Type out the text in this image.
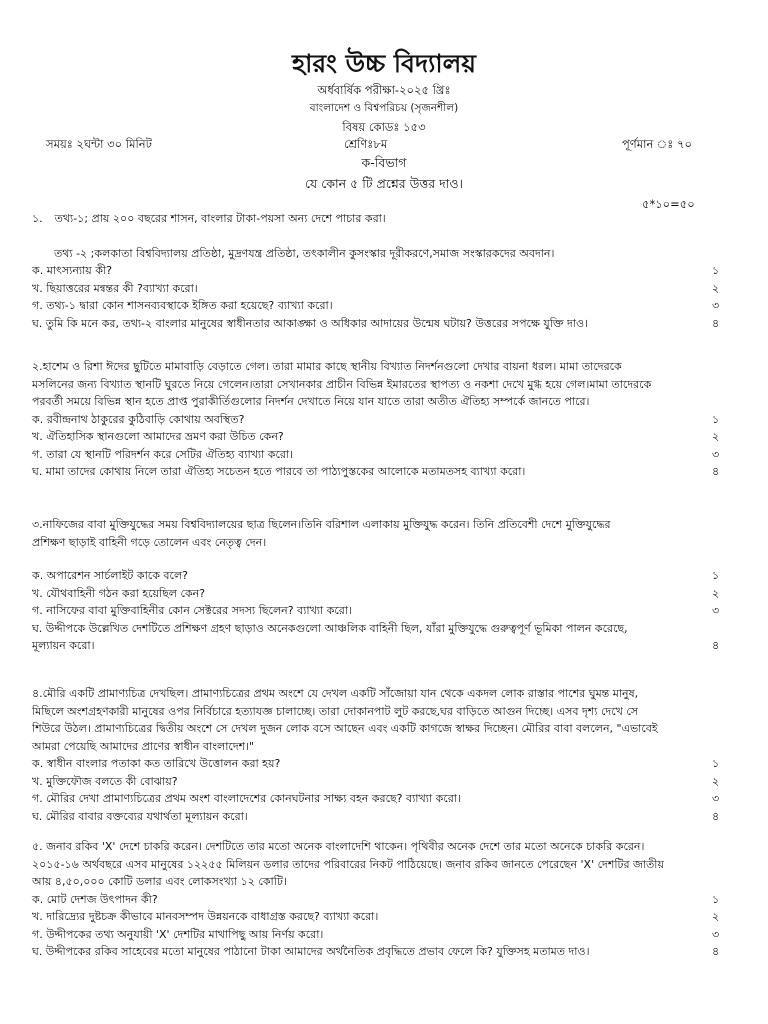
হারং উচ্চ বিদ্যালয়
অর্ধবার্ষিক পরীক্ষা-২০২৫ খ্রিঃ
বাংলাদেশ ও বিশ্বপরিচয় (সৃজনশীল)
বিষয় কোডঃ ১৫৩
সময়ঃ ২ঘন্টা ৩০ মিনিট	শ্রেণিঃ৮ম	পূর্ণমান ঃ ৭০
ক-বিভাগ
যে কোন ৫ টি প্রশ্নের উত্তর দাও।
৫*১০=৫০

১. তথ্য-১; প্রায় ২০০ বছরের শাসন, বাংলার টাকা-পয়সা অন্য দেশে পাচার করা।

তথ্য -২ ;কলকাতা বিশ্ববিদ্যালয় প্রতিষ্ঠা, মুদ্রণযন্ত্র প্রতিষ্ঠা, তৎকালীন কুসংস্কার দূরীকরণে,সমাজ সংস্কারকদের অবদান।

ক. মাৎস্যন্যায় কী?	১
খ. ছিয়াত্তরের মন্বন্তর কী ?ব্যাখ্যা করো।	২
গ. তথ্য-১ দ্বারা কোন শাসনব্যবস্থাকে ইঙ্গিত করা হয়েছে? ব্যাখ্যা করো।	৩
ঘ. তুমি কি মনে কর, তথ্য-২ বাংলার মানুষের স্বাধীনতার আকাঙ্ক্ষা ও অধিকার আদায়ের উন্মেষ ঘটায়? উত্তরের সপক্ষে যুক্তি দাও।	৪

২.হাশেম ও রিশা ঈদের ছুটিতে মামাবাড়ি বেড়াতে গেল। তারা মামার কাছে স্থানীয় বিখ্যাত নিদর্শনগুলো দেখার বায়না ধরল। মামা তাদেরকে

মসলিনের জন্য বিখ্যাত স্থানটি ঘুরতে নিয়ে গেলেন।তারা সেখানকার প্রাচীন বিভিন্ন ইমারতের স্থাপত্য ও নকশা দেখে মুগ্ধ হয়ে গেল।মামা তাদেরকে

পরবর্তী সময়ে বিভিন্ন স্থান হতে প্রাপ্ত পুরাকীর্তিগুলোর নিদর্শন দেখাতে নিয়ে যান যাতে তারা অতীত ঐতিহ্য সম্পর্কে জানতে পারে।

ক. রবীন্দ্রনাথ ঠাকুরের কুঠিবাড়ি কোথায় অবস্থিত?	১
খ. ঐতিহাসিক স্থানগুলো আমাদের ভ্রমণ করা উচিত কেন?	২
গ. তারা যে স্থানটি পরিদর্শন করে সেটির ঐতিহ্য ব্যাখ্যা করো।	৩
ঘ. মামা তাদের কোথায় নিলে তারা ঐতিহ্য সচেতন হতে পারবে তা পাঠ্যপুস্তকের আলোকে মতামতসহ ব্যাখ্যা করো।	৪

৩.নাফিজের বাবা মুক্তিযুদ্ধের সময় বিশ্ববিদ্যালয়ের ছাত্র ছিলেন।তিনি বরিশাল এলাকায় মুক্তিযুদ্ধ করেন। তিনি প্রতিবেশী দেশে মুক্তিযুদ্ধের

প্রশিক্ষণ ছাড়াই বাহিনী গড়ে তোলেন এবং নেতৃত্ব দেন।

ক. অপারেশন সার্চলাইট কাকে বলে?	১
খ. যৌথবাহিনী গঠন করা হয়েছিল কেন?	২
গ. নাসিফের বাবা মুক্তিবাহিনীর কোন সেক্টরের সদস্য ছিলেন? ব্যাখ্যা করো।	৩

ঘ. উদ্দীপকে উল্লেখিত দেশটিতে প্রশিক্ষণ গ্রহণ ছাড়াও অনেকগুলো আঞ্চলিক বাহিনী ছিল, যাঁরা মুক্তিযুদ্ধে গুরুত্বপূর্ণ ভূমিকা পালন করেছে,

মূল্যায়ন করো।	৪

৪.মৌরি একটি প্রামাণ্যচিত্র দেখছিল। প্রামাণ্যচিত্রের প্রথম অংশে যে দেখল একটি সাঁজোয়া যান থেকে একদল লোক রাস্তার পাশের ঘুমন্ত মানুষ,

মিছিলে অংশগ্রহণকারী মানুষের ওপর নির্বিচারে হত্যাযজ্ঞ চালাচ্ছে। তারা দোকানপাট লুট করছে,ঘর বাড়িতে আগুন দিচ্ছে। এসব দৃশ্য দেখে সে

শিউরে উঠল। প্রামাণ্যচিত্রের দ্বিতীয় অংশে সে দেখল দুজন লোক বসে আছেন এবং একটি কাগজে স্বাক্ষর দিচ্ছেন। মৌরির বাবা বললেন, "এভাবেই

আমরা পেয়েছি আমাদের প্রাণের স্বাধীন বাংলাদেশ।"

ক. স্বাধীন বাংলার পতাকা কত তারিখে উত্তোলন করা হয়?	১
খ. মুক্তিফৌজ বলতে কী বোঝায়?	২
গ. মৌরির দেখা প্রামাণ্যচিত্রের প্রথম অংশ বাংলাদেশের কোনঘটনার সাক্ষ্য বহন করছে? ব্যাখ্যা করো।	৩
ঘ. মৌরির বাবার বক্তব্যের যথার্থতা মূল্যায়ন করো।	৪

৫. জনাব রকিব 'X' দেশে চাকরি করেন। দেশটিতে তার মতো অনেক বাংলাদেশি থাকেন। পৃথিবীর অনেক দেশে তার মতো অনেকে চাকরি করেন।

২০১৫-১৬ অর্থবছরে এসব মানুষের ১২২৫৫ মিলিয়ন ডলার তাদের পরিবারের নিকট পাঠিয়েছে। জনাব রকিব জানতে পেরেছেন 'X' দেশটির জাতীয়

আয় ৪,৫০,০০০ কোটি ডলার এবং লোকসংখ্যা ১২ কোটি।

ক. মোট দেশজ উৎপাদন কী?	১
খ. দারিদ্র্যের দুষ্টচক্র কীভাবে মানবসম্পদ উন্নয়নকে বাধাগ্রস্ত করছে? ব্যাখ্যা করো।	২
গ. উদ্দীপকের তথ্য অনুযায়ী 'X' দেশটির মাথাপিছু আয় নির্ণয় করো।	৩
ঘ. উদ্দীপকের রকিব সাহেবের মতো মানুষের পাঠানো টাকা আমাদের অর্থনৈতিক প্রবৃদ্ধিতে প্রভাব ফেলে কি? যুক্তিসহ মতামত দাও।	৪
